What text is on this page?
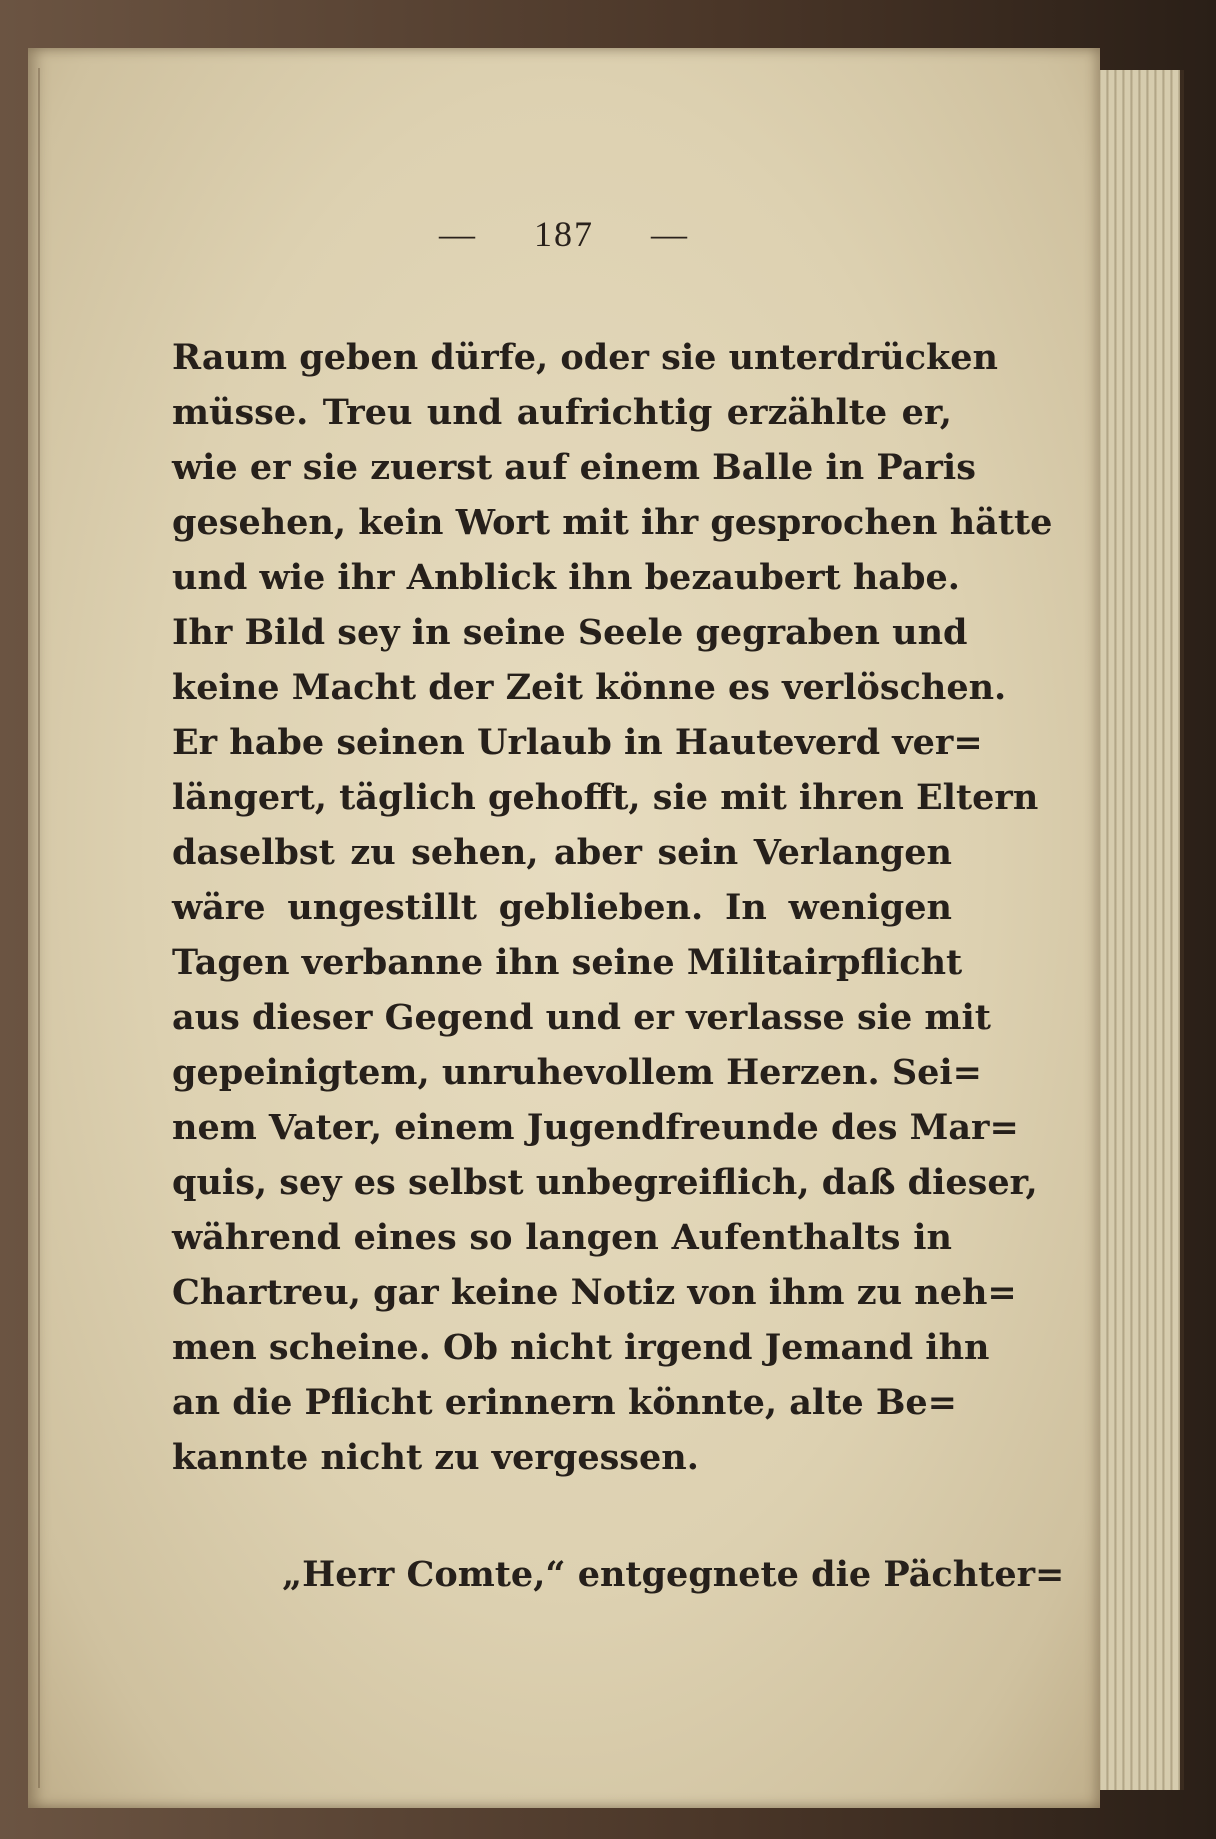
— 187 —
Raum geben dürfe, oder sie unterdrücken
müsse. Treu und aufrichtig erzählte er,
wie er sie zuerst auf einem Balle in Paris
gesehen, kein Wort mit ihr gesprochen hätte
und wie ihr Anblick ihn bezaubert habe.
Ihr Bild sey in seine Seele gegraben und
keine Macht der Zeit könne es verlöschen.
Er habe seinen Urlaub in Hauteverd ver=
längert, täglich gehofft, sie mit ihren Eltern
daselbst zu sehen, aber sein Verlangen
wäre ungestillt geblieben. In wenigen
Tagen verbanne ihn seine Militairpflicht
aus dieser Gegend und er verlasse sie mit
gepeinigtem, unruhevollem Herzen. Sei=
nem Vater, einem Jugendfreunde des Mar=
quis, sey es selbst unbegreiflich, daß dieser,
während eines so langen Aufenthalts in
Chartreu, gar keine Notiz von ihm zu neh=
men scheine. Ob nicht irgend Jemand ihn
an die Pflicht erinnern könnte, alte Be=
kannte nicht zu vergessen.
„Herr Comte,“ entgegnete die Pächter=
